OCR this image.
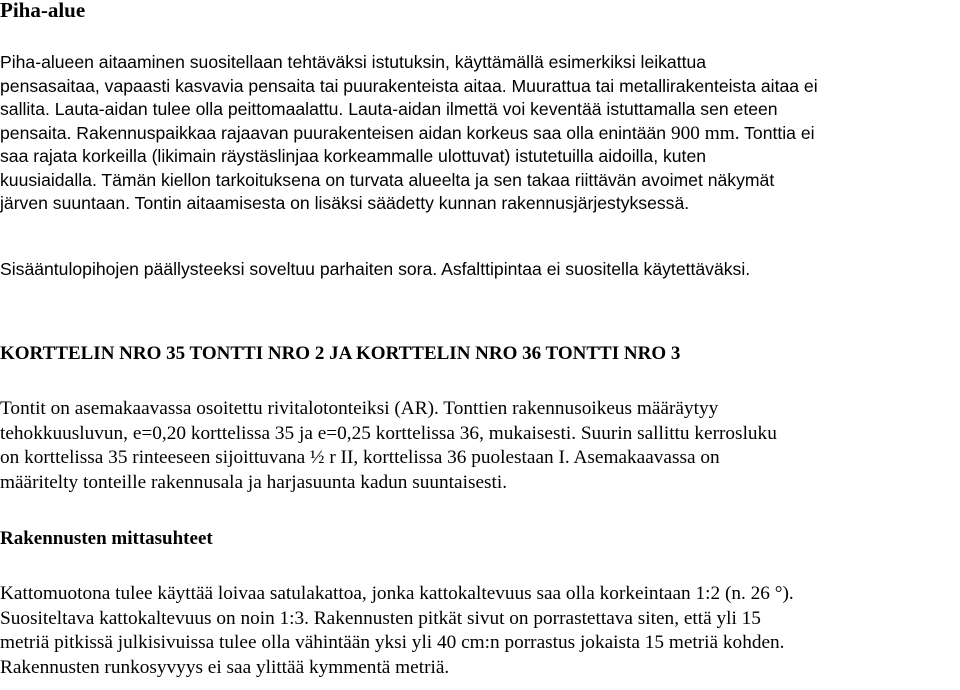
Piha-alue
Piha-alueen aitaaminen suositellaan tehtäväksi istutuksin, käyttämällä esimerkiksi leikattua
pensasaitaa, vapaasti kasvavia pensaita tai puurakenteista aitaa. Muurattua tai metallirakenteista aitaa ei
sallita. Lauta-aidan tulee olla peittomaalattu. Lauta-aidan ilmettä voi keventää istuttamalla sen eteen
pensaita. Rakennuspaikkaa rajaavan puurakenteisen aidan korkeus saa olla enintään 900 mm. Tonttia ei
saa rajata korkeilla (likimain räystäslinjaa korkeammalle ulottuvat) istutetuilla aidoilla, kuten
kuusiaidalla. Tämän kiellon tarkoituksena on turvata alueelta ja sen takaa riittävän avoimet näkymät
järven suuntaan. Tontin aitaamisesta on lisäksi säädetty kunnan rakennusjärjestyksessä.
Sisääntulopihojen päällysteeksi soveltuu parhaiten sora. Asfalttipintaa ei suositella käytettäväksi.
KORTTELIN NRO 35 TONTTI NRO 2 JA KORTTELIN NRO 36 TONTTI NRO 3
Tontit on asemakaavassa osoitettu rivitalotonteiksi (AR). Tonttien rakennusoikeus määräytyy
tehokkuusluvun, e=0,20 korttelissa 35 ja e=0,25 korttelissa 36, mukaisesti. Suurin sallittu kerrosluku
on korttelissa 35 rinteeseen sijoittuvana ½ r II, korttelissa 36 puolestaan I. Asemakaavassa on
määritelty tonteille rakennusala ja harjasuunta kadun suuntaisesti.
Rakennusten mittasuhteet
Kattomuotona tulee käyttää loivaa satulakattoa, jonka kattokaltevuus saa olla korkeintaan 1:2 (n. 26 °).
Suositeltava kattokaltevuus on noin 1:3. Rakennusten pitkät sivut on porrastettava siten, että yli 15
metriä pitkissä julkisivuissa tulee olla vähintään yksi yli 40 cm:n porrastus jokaista 15 metriä kohden.
Rakennusten runkosyvyys ei saa ylittää kymmentä metriä.
